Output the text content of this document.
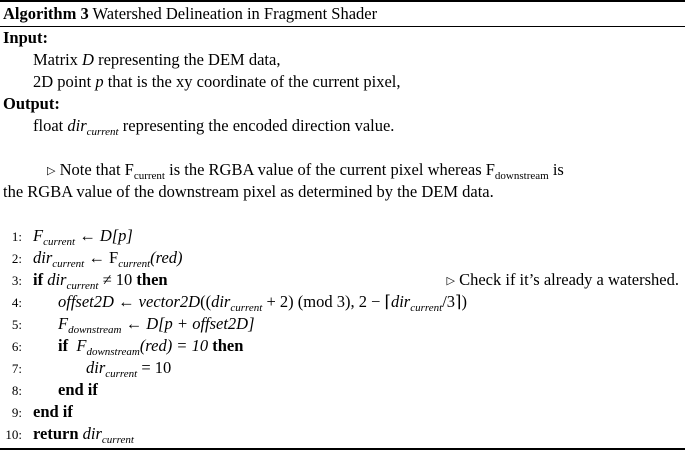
Algorithm 3 Watershed Delineation in Fragment Shader
Input:
Matrix D representing the DEM data,
2D point p that is the xy coordinate of the current pixel,
Output:
float dir$_{current}$ representing the encoded direction value.
▷ Note that $F_{current}$ is the RGBA value of the current pixel whereas $F_{downstream}$ is
the RGBA value of the downstream pixel as determined by the DEM data.
1: $F_{current}$ ← D[p]
2: dir$_{current}$ ← $F_{current}(red)$
3: if dir$_{current}$ ≠ 10 then	▷ Check if it’s already a watershed.
4: offset2D ← vector2D((dir$_{current}$ + 2) (mod 3), 2 − ⌈dir$_{current}$/3⌉)
5: $F_{downstream}$ ← D[p + offset2D]
6: if $F_{downstream}(red) = 10$ then
7:	dir$_{current}$ = 10
8: end if
9: end if
10: return dir$_{current}$
